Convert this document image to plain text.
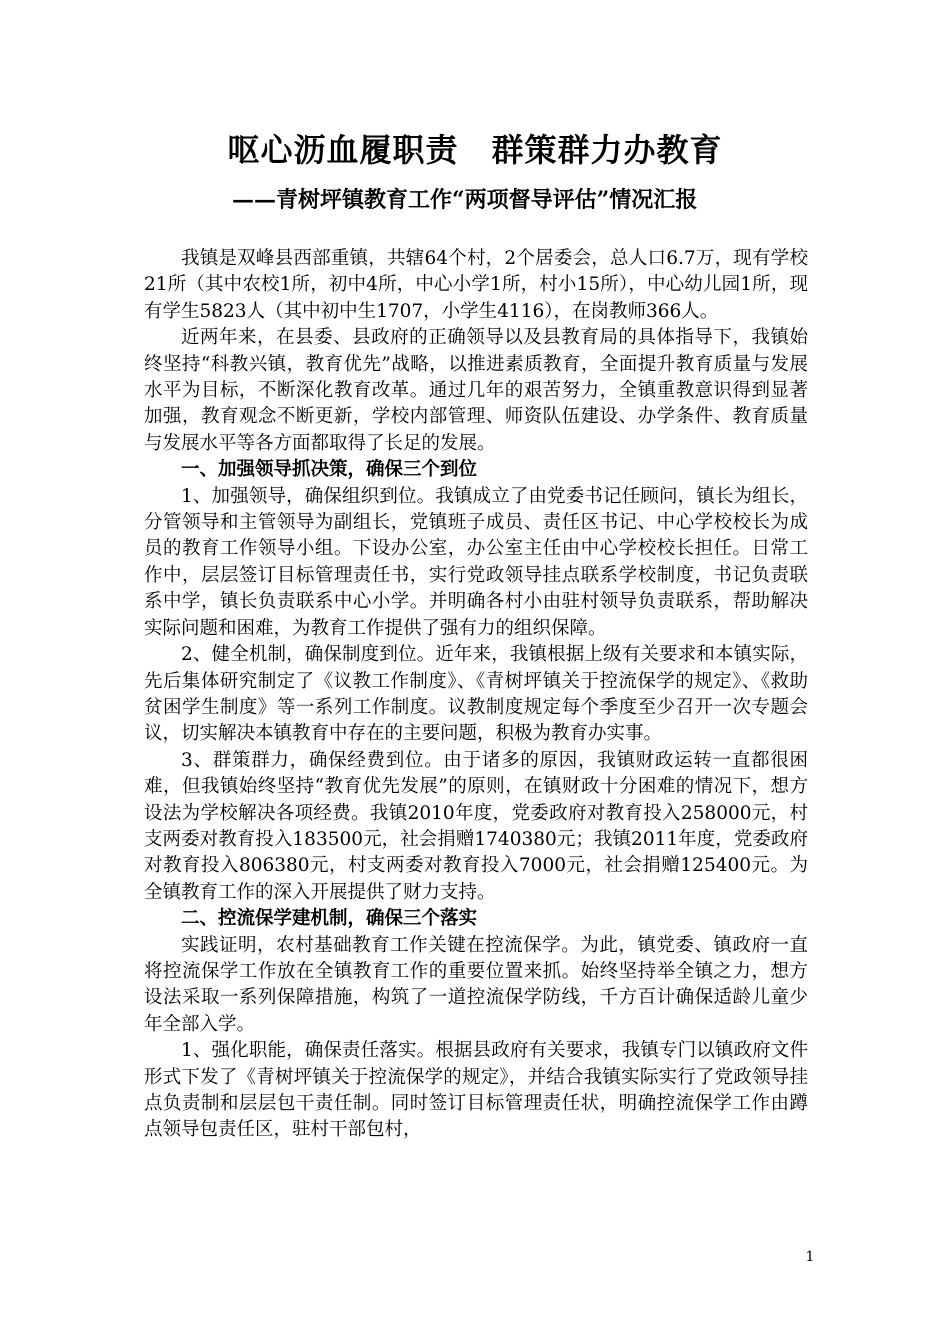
呕心沥血履职责　群策群力办教育
——青树坪镇教育工作“两项督导评估”情况汇报

我镇是双峰县西部重镇，共辖64个村，2个居委会，总人口6.7万，现有学校21所（其中农校1所，初中4所，中心小学1所，村小15所），中心幼儿园1所，现有学生5823人（其中初中生1707，小学生4116），在岗教师366人。

近两年来，在县委、县政府的正确领导以及县教育局的具体指导下，我镇始终坚持“科教兴镇，教育优先”战略，以推进素质教育，全面提升教育质量与发展水平为目标，不断深化教育改革。通过几年的艰苦努力，全镇重教意识得到显著加强，教育观念不断更新，学校内部管理、师资队伍建设、办学条件、教育质量与发展水平等各方面都取得了长足的发展。

一、加强领导抓决策，确保三个到位

1、加强领导，确保组织到位。我镇成立了由党委书记任顾问，镇长为组长，分管领导和主管领导为副组长，党镇班子成员、责任区书记、中心学校校长为成员的教育工作领导小组。下设办公室，办公室主任由中心学校校长担任。日常工作中，层层签订目标管理责任书，实行党政领导挂点联系学校制度，书记负责联系中学，镇长负责联系中心小学。并明确各村小由驻村领导负责联系，帮助解决实际问题和困难，为教育工作提供了强有力的组织保障。

2、健全机制，确保制度到位。近年来，我镇根据上级有关要求和本镇实际，先后集体研究制定了《议教工作制度》、《青树坪镇关于控流保学的规定》、《救助贫困学生制度》等一系列工作制度。议教制度规定每个季度至少召开一次专题会议，切实解决本镇教育中存在的主要问题，积极为教育办实事。

3、群策群力，确保经费到位。由于诸多的原因，我镇财政运转一直都很困难，但我镇始终坚持“教育优先发展”的原则，在镇财政十分困难的情况下，想方设法为学校解决各项经费。我镇2010年度，党委政府对教育投入258000元，村支两委对教育投入183500元，社会捐赠1740380元；我镇2011年度，党委政府对教育投入806380元，村支两委对教育投入7000元，社会捐赠125400元。为全镇教育工作的深入开展提供了财力支持。

二、控流保学建机制，确保三个落实

实践证明，农村基础教育工作关键在控流保学。为此，镇党委、镇政府一直将控流保学工作放在全镇教育工作的重要位置来抓。始终坚持举全镇之力，想方设法采取一系列保障措施，构筑了一道控流保学防线，千方百计确保适龄儿童少年全部入学。

1、强化职能，确保责任落实。根据县政府有关要求，我镇专门以镇政府文件形式下发了《青树坪镇关于控流保学的规定》，并结合我镇实际实行了党政领导挂点负责制和层层包干责任制。同时签订目标管理责任状，明确控流保学工作由蹲点领导包责任区，驻村干部包村，

1
